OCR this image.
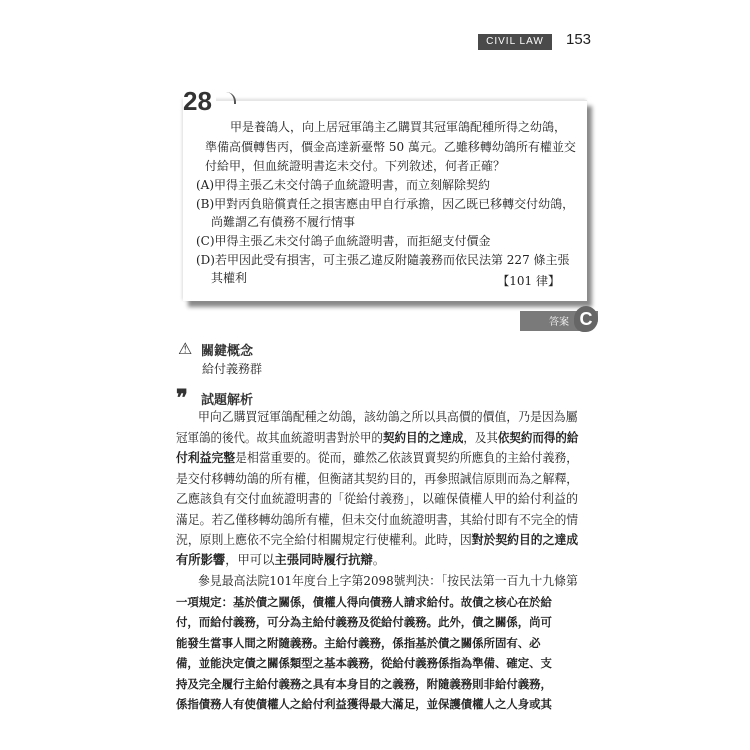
CIVIL LAW	153
28
甲是養鴿人，向上居冠軍鴿主乙購買其冠軍鴿配種所得之幼鴿，
準備高價轉售丙，價金高達新臺幣 50 萬元。乙雖移轉幼鴿所有權並交
付給甲，但血統證明書迄未交付。下列敘述，何者正確？
(A)甲得主張乙未交付鴿子血統證明書，而立刻解除契約
(B)甲對丙負賠償責任之損害應由甲自行承擔，因乙既已移轉交付幼鴿，
尚難謂乙有債務不履行情事
(C)甲得主張乙未交付鴿子血統證明書，而拒絕支付價金
(D)若甲因此受有損害，可主張乙違反附隨義務而依民法第 227 條主張
其權利	【101 律】
答案 C
⚠ 關鍵概念
給付義務群
❞ 試題解析
甲向乙購買冠軍鴿配種之幼鴿，該幼鴿之所以具高價的價值，乃是因為屬
冠軍鴿的後代。故其血統證明書對於甲的契約目的之達成，及其依契約而得的給
付利益完整是相當重要的。從而，雖然乙依該買賣契約所應負的主給付義務，
是交付移轉幼鴿的所有權，但衡諸其契約目的，再參照誠信原則而為之解釋，
乙應該負有交付血統證明書的「從給付義務」，以確保債權人甲的給付利益的
滿足。若乙僅移轉幼鴿所有權，但未交付血統證明書，其給付即有不完全的情
況，原則上應依不完全給付相關規定行使權利。此時，因對於契約目的之達成
有所影響，甲可以主張同時履行抗辯。
參見最高法院101年度台上字第2098號判決：「按民法第一百九十九條第
一項規定：基於債之關係，債權人得向債務人請求給付。故債之核心在於給
付，而給付義務，可分為主給付義務及從給付義務。此外，債之關係，尚可
能發生當事人間之附隨義務。主給付義務，係指基於債之關係所固有、必
備，並能決定債之關係類型之基本義務，從給付義務係指為準備、確定、支
持及完全履行主給付義務之具有本身目的之義務，附隨義務則非給付義務，
係指債務人有使債權人之給付利益獲得最大滿足，並保護債權人之人身或其
